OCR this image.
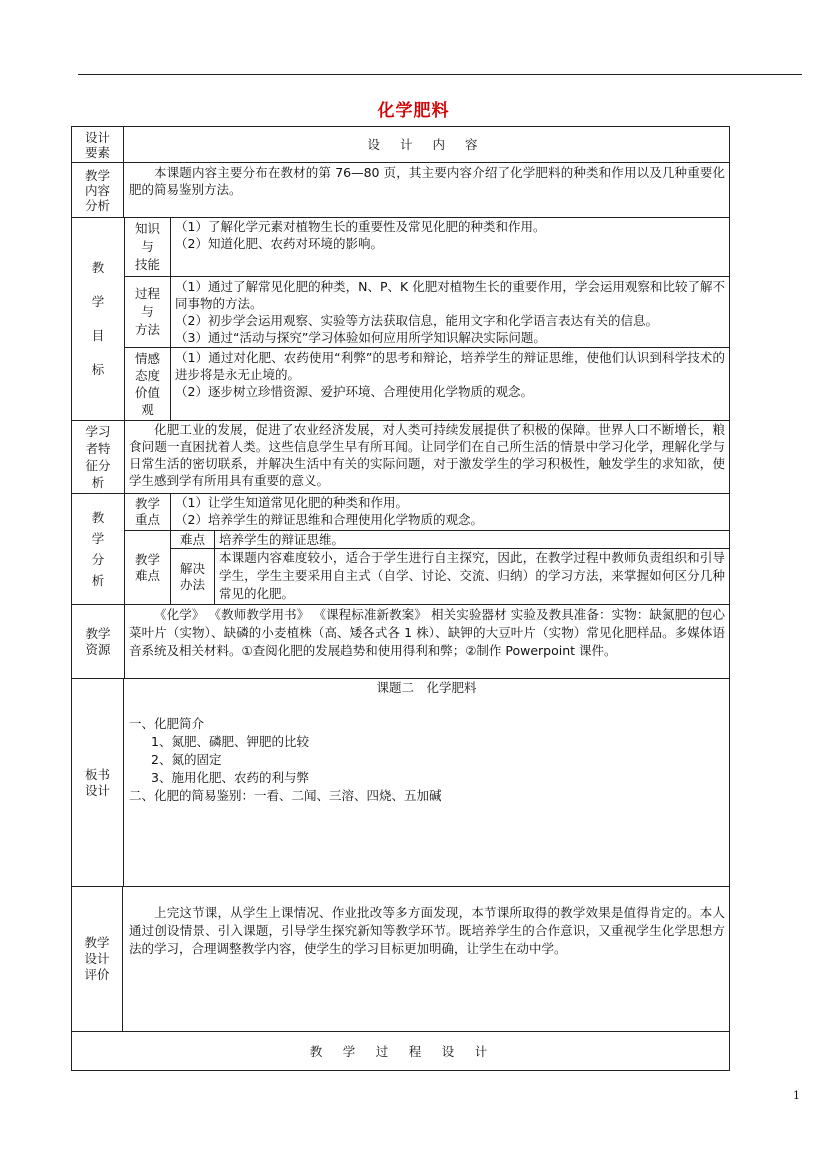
化学肥料
设计
要素	设 计 内 容
教学
内容
分析
本课题内容主要分布在教材的第 76—80 页，其主要内容介绍了化学肥料的种类和作用以及几种重要化肥的简易鉴别方法。
教
学
目
标
知识
与
技能

（1）了解化学元素对植物生长的重要性及常见化肥的种类和作用。

（2）知道化肥、农药对环境的影响。

过程
与
方法

（1）通过了解常见化肥的种类，N、P、K 化肥对植物生长的重要作用，学会运用观察和比较了解不同事物的方法。

（2）初步学会运用观察、实验等方法获取信息，能用文字和化学语言表达有关的信息。

（3）通过“活动与探究”学习体验如何应用所学知识解决实际问题。

情感
态度
价值
观

（1）通过对化肥、农药使用“利弊”的思考和辩论，培养学生的辩证思维，使他们认识到科学技术的进步将是永无止境的。

（2）逐步树立珍惜资源、爱护环境、合理使用化学物质的观念。

学习
者特
征分
析
化肥工业的发展，促进了农业经济发展，对人类可持续发展提供了积极的保障。世界人口不断增长，粮食问题一直困扰着人类。这些信息学生早有所耳闻。让同学们在自己所生活的情景中学习化学，理解化学与日常生活的密切联系，并解决生活中有关的实际问题，对于激发学生的学习积极性，触发学生的求知欲，使学生感到学有所用具有重要的意义。
教
学
分
析
教学
重点

（1）让学生知道常见化肥的种类和作用。

（2）培养学生的辩证思维和合理使用化学物质的观念。

教学
难点
难点	培养学生的辩证思维。
解决
办法
本课题内容难度较小，适合于学生进行自主探究，因此，在教学过程中教师负责组织和引导学生，学生主要采用自主式（自学、讨论、交流、归纳）的学习方法，来掌握如何区分几种常见的化肥。
教学
资源
《化学》 《教师教学用书》 《课程标准新教案》 相关实验器材 实验及教具准备：实物：缺氮肥的包心菜叶片（实物）、缺磷的小麦植株（高、矮各式各 1 株）、缺钾的大豆叶片（实物）常见化肥样品。多媒体语音系统及相关材料。①查阅化肥的发展趋势和使用得利和弊；②制作 Powerpoint 课件。
板书
设计
课题二　化学肥料

一、化肥简介

1、氮肥、磷肥、钾肥的比较

2、氮的固定

3、施用化肥、农药的利与弊

二、化肥的简易鉴别：一看、二闻、三溶、四烧、五加碱

教学
设计
评价
上完这节课，从学生上课情况、作业批改等多方面发现，本节课所取得的教学效果是值得肯定的。本人通过创设情景、引入课题，引导学生探究新知等教学环节。既培养学生的合作意识，又重视学生化学思想方法的学习，合理调整教学内容，使学生的学习目标更加明确，让学生在动中学。
教　学　过　程　设　计
1
